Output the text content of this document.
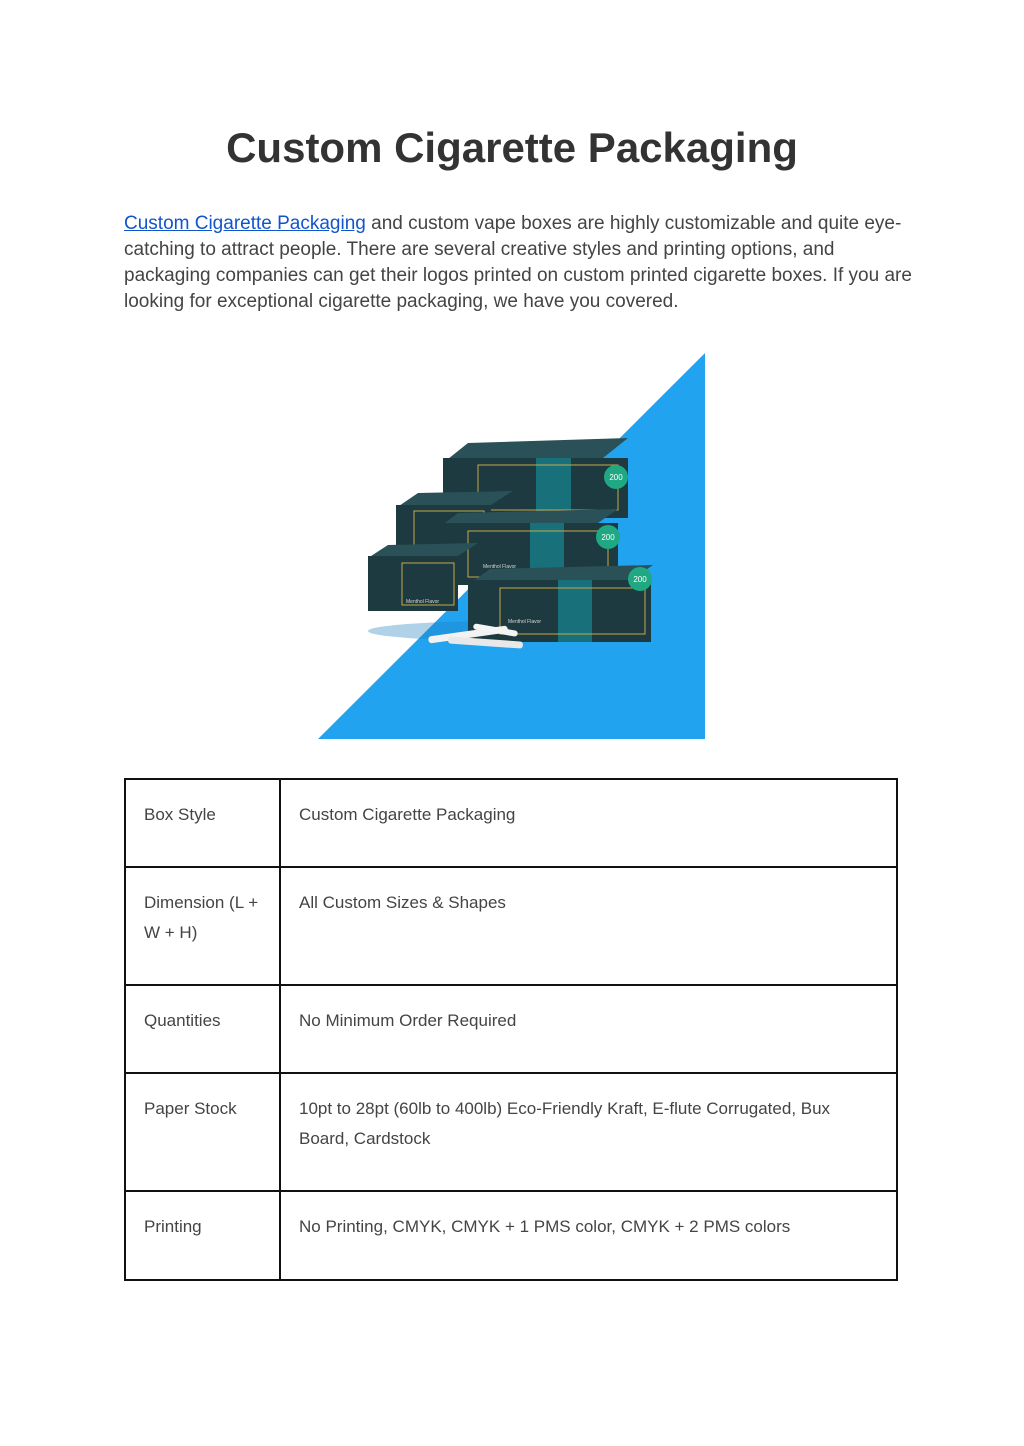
Custom Cigarette Packaging

Custom Cigarette Packaging and custom vape boxes are highly customizable and quite eye-catching to attract people. There are several creative styles and printing options, and packaging companies can get their logos printed on custom printed cigarette boxes. If you are looking for exceptional cigarette packaging, we have you covered.

200
200
Menthol Flavor
Menthol Flavor
200
Menthol Flavor
Box Style	Custom Cigarette Packaging
Dimension (L + W + H)	All Custom Sizes & Shapes
Quantities	No Minimum Order Required
Paper Stock	10pt to 28pt (60lb to 400lb) Eco-Friendly Kraft, E-flute Corrugated, Bux Board, Cardstock
Printing	No Printing, CMYK, CMYK + 1 PMS color, CMYK + 2 PMS colors
